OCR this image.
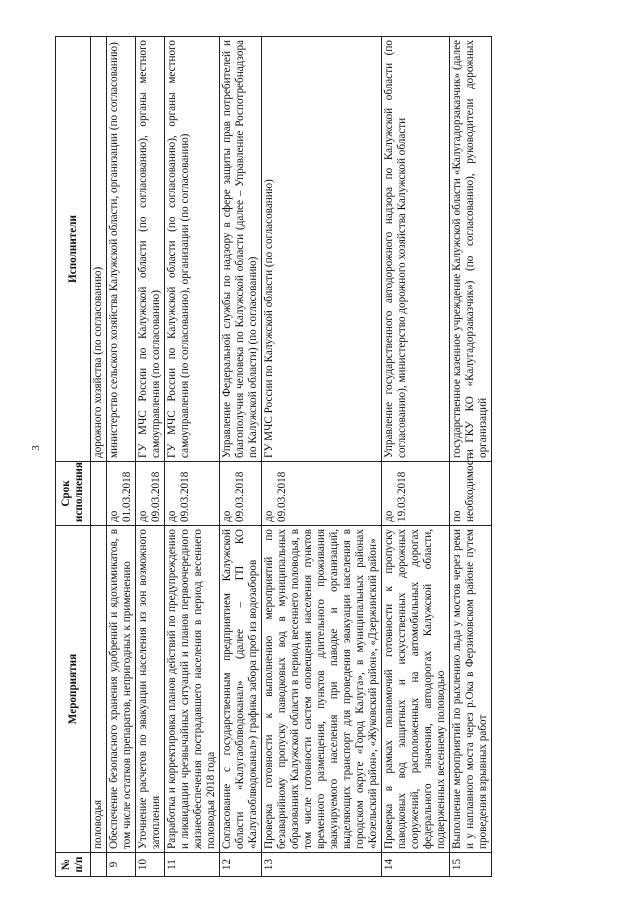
3
№ п/п	Мероприятия	Срок исполнения	Исполнители
	половодья		дорожного хозяйства (по согласованию)
9	Обеспечение безопасного хранения удобрений и ядохимикатов, в том числе остатков препаратов, непригодных к применению	до 01.03.2018	министерство сельского хозяйства Калужской области, организации (по согласованию)
10	Уточнение расчетов по эвакуации населения из зон возможного затопления	до 09.03.2018	ГУ МЧС России по Калужской области (по согласованию), органы местного самоуправления (по согласованию)
11	Разработка и корректировка планов действий по предупреждению и ликвидации чрезвычайных ситуаций и планов первоочередного жизнеобеспечения пострадавшего населения в период весеннего половодья 2018 года	до 09.03.2018	ГУ МЧС России по Калужской области (по согласованию), органы местного самоуправления (по согласованию), организации (по согласованию)
12	Согласование с государственным предприятием Калужской области «Калугаоблводоканал» (далее – ГП КО «Калугаоблводоканал») графика забора проб из водозаборов	до 09.03.2018	Управление Федеральной службы по надзору в сфере защиты прав потребителей и благополучия человека по Калужской области (далее – Управление Роспотребнадзора по Калужской области) (по согласованию)
13	Проверка готовности к выполнению мероприятий по безаварийному пропуску паводковых вод в муниципальных образованиях Калужской области в период весеннего половодья, в том числе готовности систем оповещения населения пунктов временного размещения, пунктов длительного проживания эвакуируемого населения при паводке и организаций, выделяющих транспорт для проведения эвакуации населения в городском округе «Город Калуга», в муниципальных районах «Козельский район», «Жуковский район», «Дзержинский район»	до 09.03.2018	ГУ МЧС России по Калужской области (по согласованию)
14	Проверка в рамках полномочий готовности к пропуску паводковых вод защитных и искусственных дорожных сооружений, расположенных на автомобильных дорогах федерального значения, автодорогах Калужской области, подверженных весеннему половодью	до 19.03.2018	Управление государственного автодорожного надзора по Калужской области (по согласованию), министерство дорожного хозяйства Калужской области
15	Выполнение мероприятий по рыхлению льда у мостов через реки и у наплавного моста через р.Ока в Ферзиковском районе путем проведения взрывных работ	по необходимости	государственное казенное учреждение Калужской области «Калугадорзаказчик» (далее – ГКУ КО «Калугадорзаказчик») (по согласованию), руководители дорожных организаций
